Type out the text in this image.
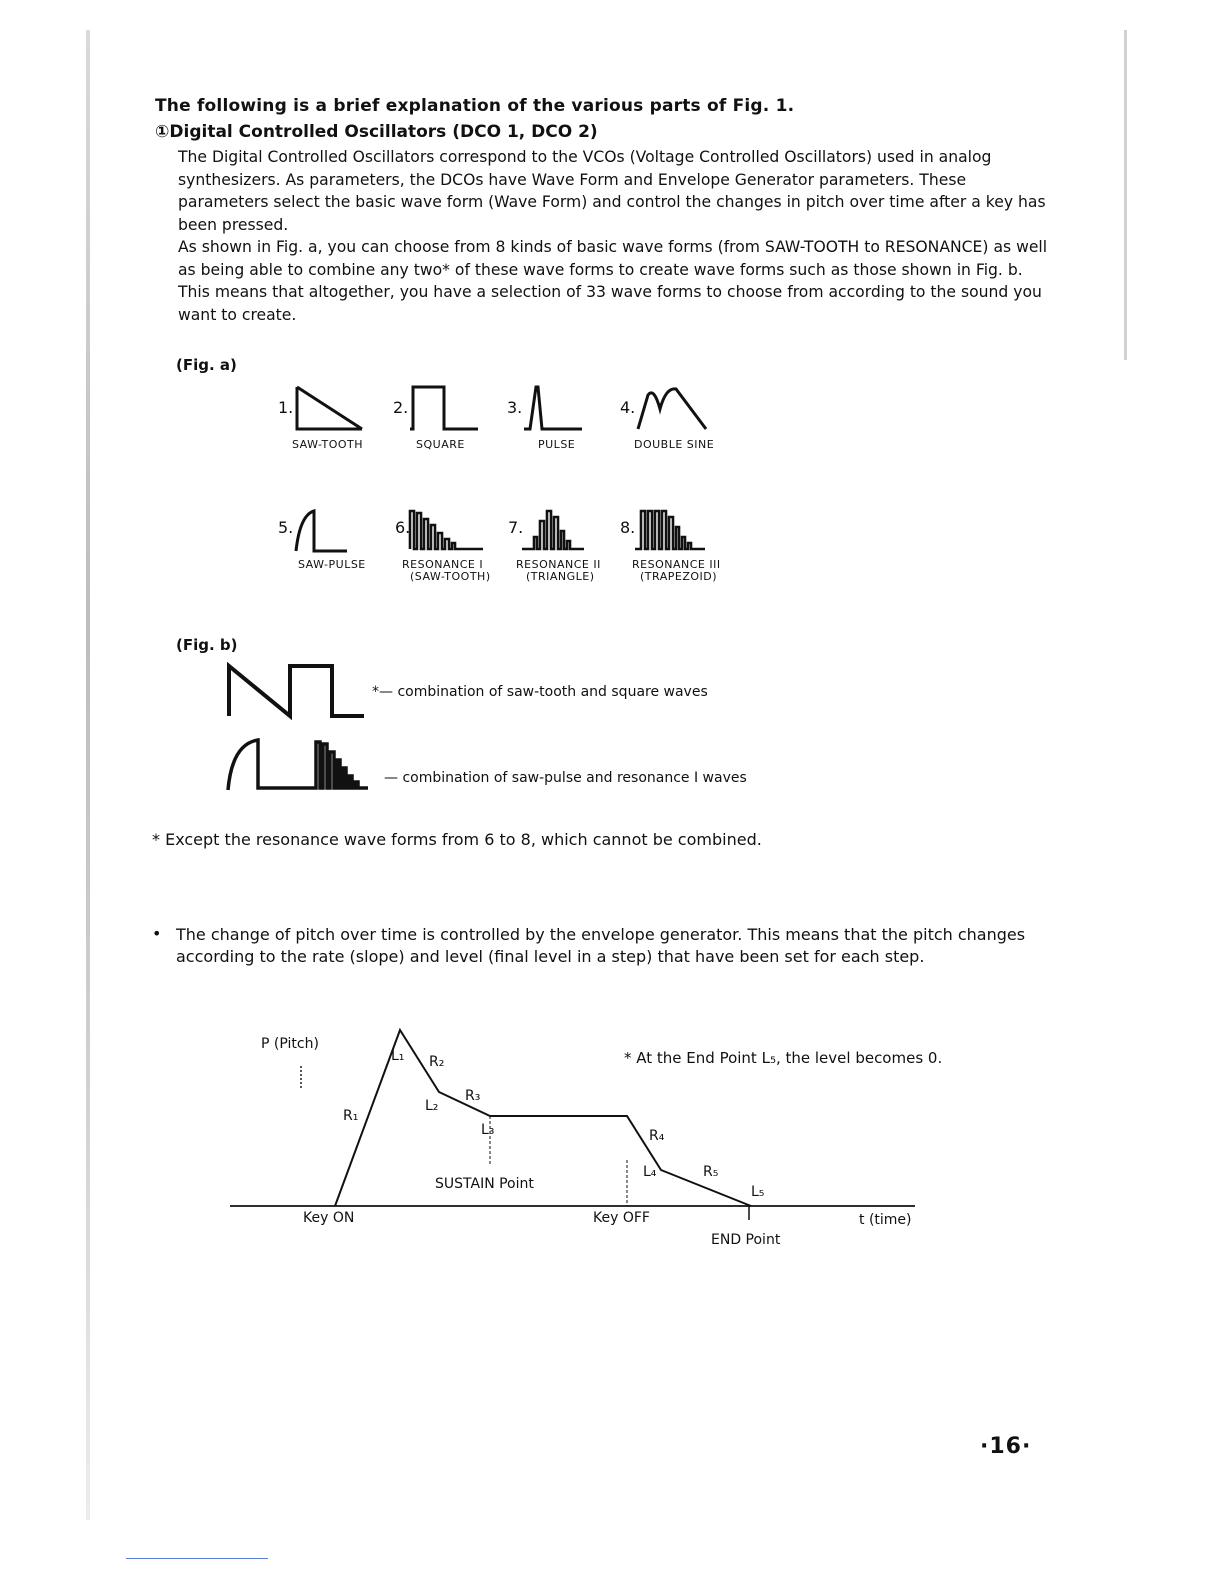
The following is a brief explanation of the various parts of Fig. 1.
①Digital Controlled Oscillators (DCO 1, DCO 2)
The Digital Controlled Oscillators correspond to the VCOs (Voltage Controlled Oscillators) used in analog synthesizers. As parameters, the DCOs have Wave Form and Envelope Generator parameters. These parameters select the basic wave form (Wave Form) and control the changes in pitch over time after a key has been pressed.
As shown in Fig. a, you can choose from 8 kinds of basic wave forms (from SAW-TOOTH to RESONANCE) as well as being able to combine any two* of these wave forms to create wave forms such as those shown in Fig. b. This means that altogether, you have a selection of 33 wave forms to choose from according to the sound you want to create.
(Fig. a)
1.
SAW-TOOTH
2.
SQUARE
3.
PULSE
4.
DOUBLE SINE
5.
SAW-PULSE
6.
RESONANCE I
(SAW-TOOTH)
7.
RESONANCE II
(TRIANGLE)
8.
RESONANCE III
(TRAPEZOID)
(Fig. b)
*— combination of saw-tooth and square waves
— combination of saw-pulse and resonance I waves
* Except the resonance wave forms from 6 to 8, which cannot be combined.
• The change of pitch over time is controlled by the envelope generator. This means that the pitch changes according to the rate (slope) and level (final level in a step) that have been set for each step.
P (Pitch)
R₁
L₁ R₂
R₃
L₂
L₃	R₄
L₄	R₅
L₅
SUSTAIN Point
Key ON	Key OFF
END Point
t (time)
* At the End Point L₅, the level becomes 0.
·16·
